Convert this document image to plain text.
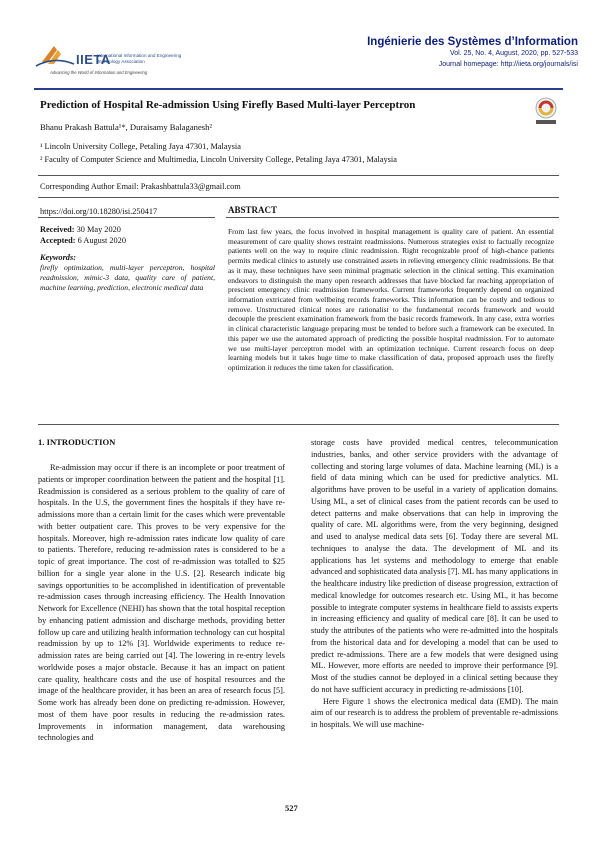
IIETA
International Information and Engineering Technology Association
Advancing the World of Information and Engineering
Ingénierie des Systèmes d’Information
Vol. 25, No. 4, August, 2020, pp. 527-533
Journal homepage: http://iieta.org/journals/isi
Prediction of Hospital Re-admission Using Firefly Based Multi-layer Perceptron
Bhanu Prakash Battula¹*, Duraisamy Balaganesh²
¹ Lincoln University College, Petaling Jaya 47301, Malaysia
² Faculty of Computer Science and Multimedia, Lincoln University College, Petaling Jaya 47301, Malaysia
Corresponding Author Email: Prakashbattula33@gmail.com
https://doi.org/10.18280/isi.250417	ABSTRACT
Received: 30 May 2020
Accepted: 6 August 2020
Keywords:
firefly optimization, multi-layer perceptron, hospital readmission, mimic-3 data, quality care of patient, machine learning, prediction, electronic medical data
From last few years, the focus involved in hospital management is quality care of patient. An essential measurement of care quality shows restraint readmissions. Numerous strategies exist to factually recognize patients well on the way to require clinic readmission. Right recognizable proof of high-chance patients permits medical clinics to astutely use constrained assets in relieving emergency clinic readmissions. Be that as it may, these techniques have seen minimal pragmatic selection in the clinical setting. This examination endeavors to distinguish the many open research addresses that have blocked far reaching appropriation of prescient emergency clinic readmission frameworks. Current frameworks frequently depend on organized information extricated from wellbeing records frameworks. This information can be costly and tedious to remove. Unstructured clinical notes are rationalist to the fundamental records framework and would decouple the prescient examination framework from the basic records framework. In any case, extra worries in clinical characteristic language preparing must be tended to before such a framework can be executed. In this paper we use the automated approach of predicting the possible hospital readmission. For to automate we use multi-layer perceptron model with an optimization technique. Current research focus on deep learning models but it takes huge time to make classification of data, proposed approach uses the firefly optimization it reduces the time taken for classification.
1. INTRODUCTION

Re-admission may occur if there is an incomplete or poor treatment of patients or improper coordination between the patient and the hospital [1]. Readmission is considered as a serious problem to the quality of care of hospitals. In the U.S, the government fines the hospitals if they have re-admissions more than a certain limit for the cases which were preventable with better outpatient care. This proves to be very expensive for the hospitals. Moreover, high re-admission rates indicate low quality of care to patients. Therefore, reducing re-admission rates is considered to be a topic of great importance. The cost of re-admission was totalled to $25 billion for a single year alone in the U.S. [2]. Research indicate big savings opportunities to be accomplished in identification of preventable re-admission cases through increasing efficiency. The Health Innovation Network for Excellence (NEHI) has shown that the total hospital reception by enhancing patient admission and discharge methods, providing better follow up care and utilizing health information technology can cut hospital readmission by up to 12% [3]. Worldwide experiments to reduce re-admission rates are being carried out [4]. The lowering in re-entry levels worldwide poses a major obstacle. Because it has an impact on patient care quality, healthcare costs and the use of hospital resources and the image of the healthcare provider, it has been an area of research focus [5]. Some work has already been done on predicting re-admission. However, most of them have poor results in reducing the re-admission rates. Improvements in information management, data warehousing technologies and

storage costs have provided medical centres, telecommunication industries, banks, and other service providers with the advantage of collecting and storing large volumes of data. Machine learning (ML) is a field of data mining which can be used for predictive analytics. ML algorithms have proven to be useful in a variety of application domains. Using ML, a set of clinical cases from the patient records can be used to detect patterns and make observations that can help in improving the quality of care. ML algorithms were, from the very beginning, designed and used to analyse medical data sets [6]. Today there are several ML techniques to analyse the data. The development of ML and its applications has let systems and methodology to emerge that enable advanced and sophisticated data analysis [7]. ML has many applications in the healthcare industry like prediction of disease progression, extraction of medical knowledge for outcomes research etc. Using ML, it has become possible to integrate computer systems in healthcare field to assists experts in increasing efficiency and quality of medical care [8]. It can be used to study the attributes of the patients who were re-admitted into the hospitals from the historical data and for developing a model that can be used to predict re-admissions. There are a few models that were designed using ML. However, more efforts are needed to improve their performance [9]. Most of the studies cannot be deployed in a clinical setting because they do not have sufficient accuracy in predicting re-admissions [10].

Here Figure 1 shows the electronica medical data (EMD). The main aim of our research is to address the problem of preventable re-admissions in hospitals. We will use machine-

527
